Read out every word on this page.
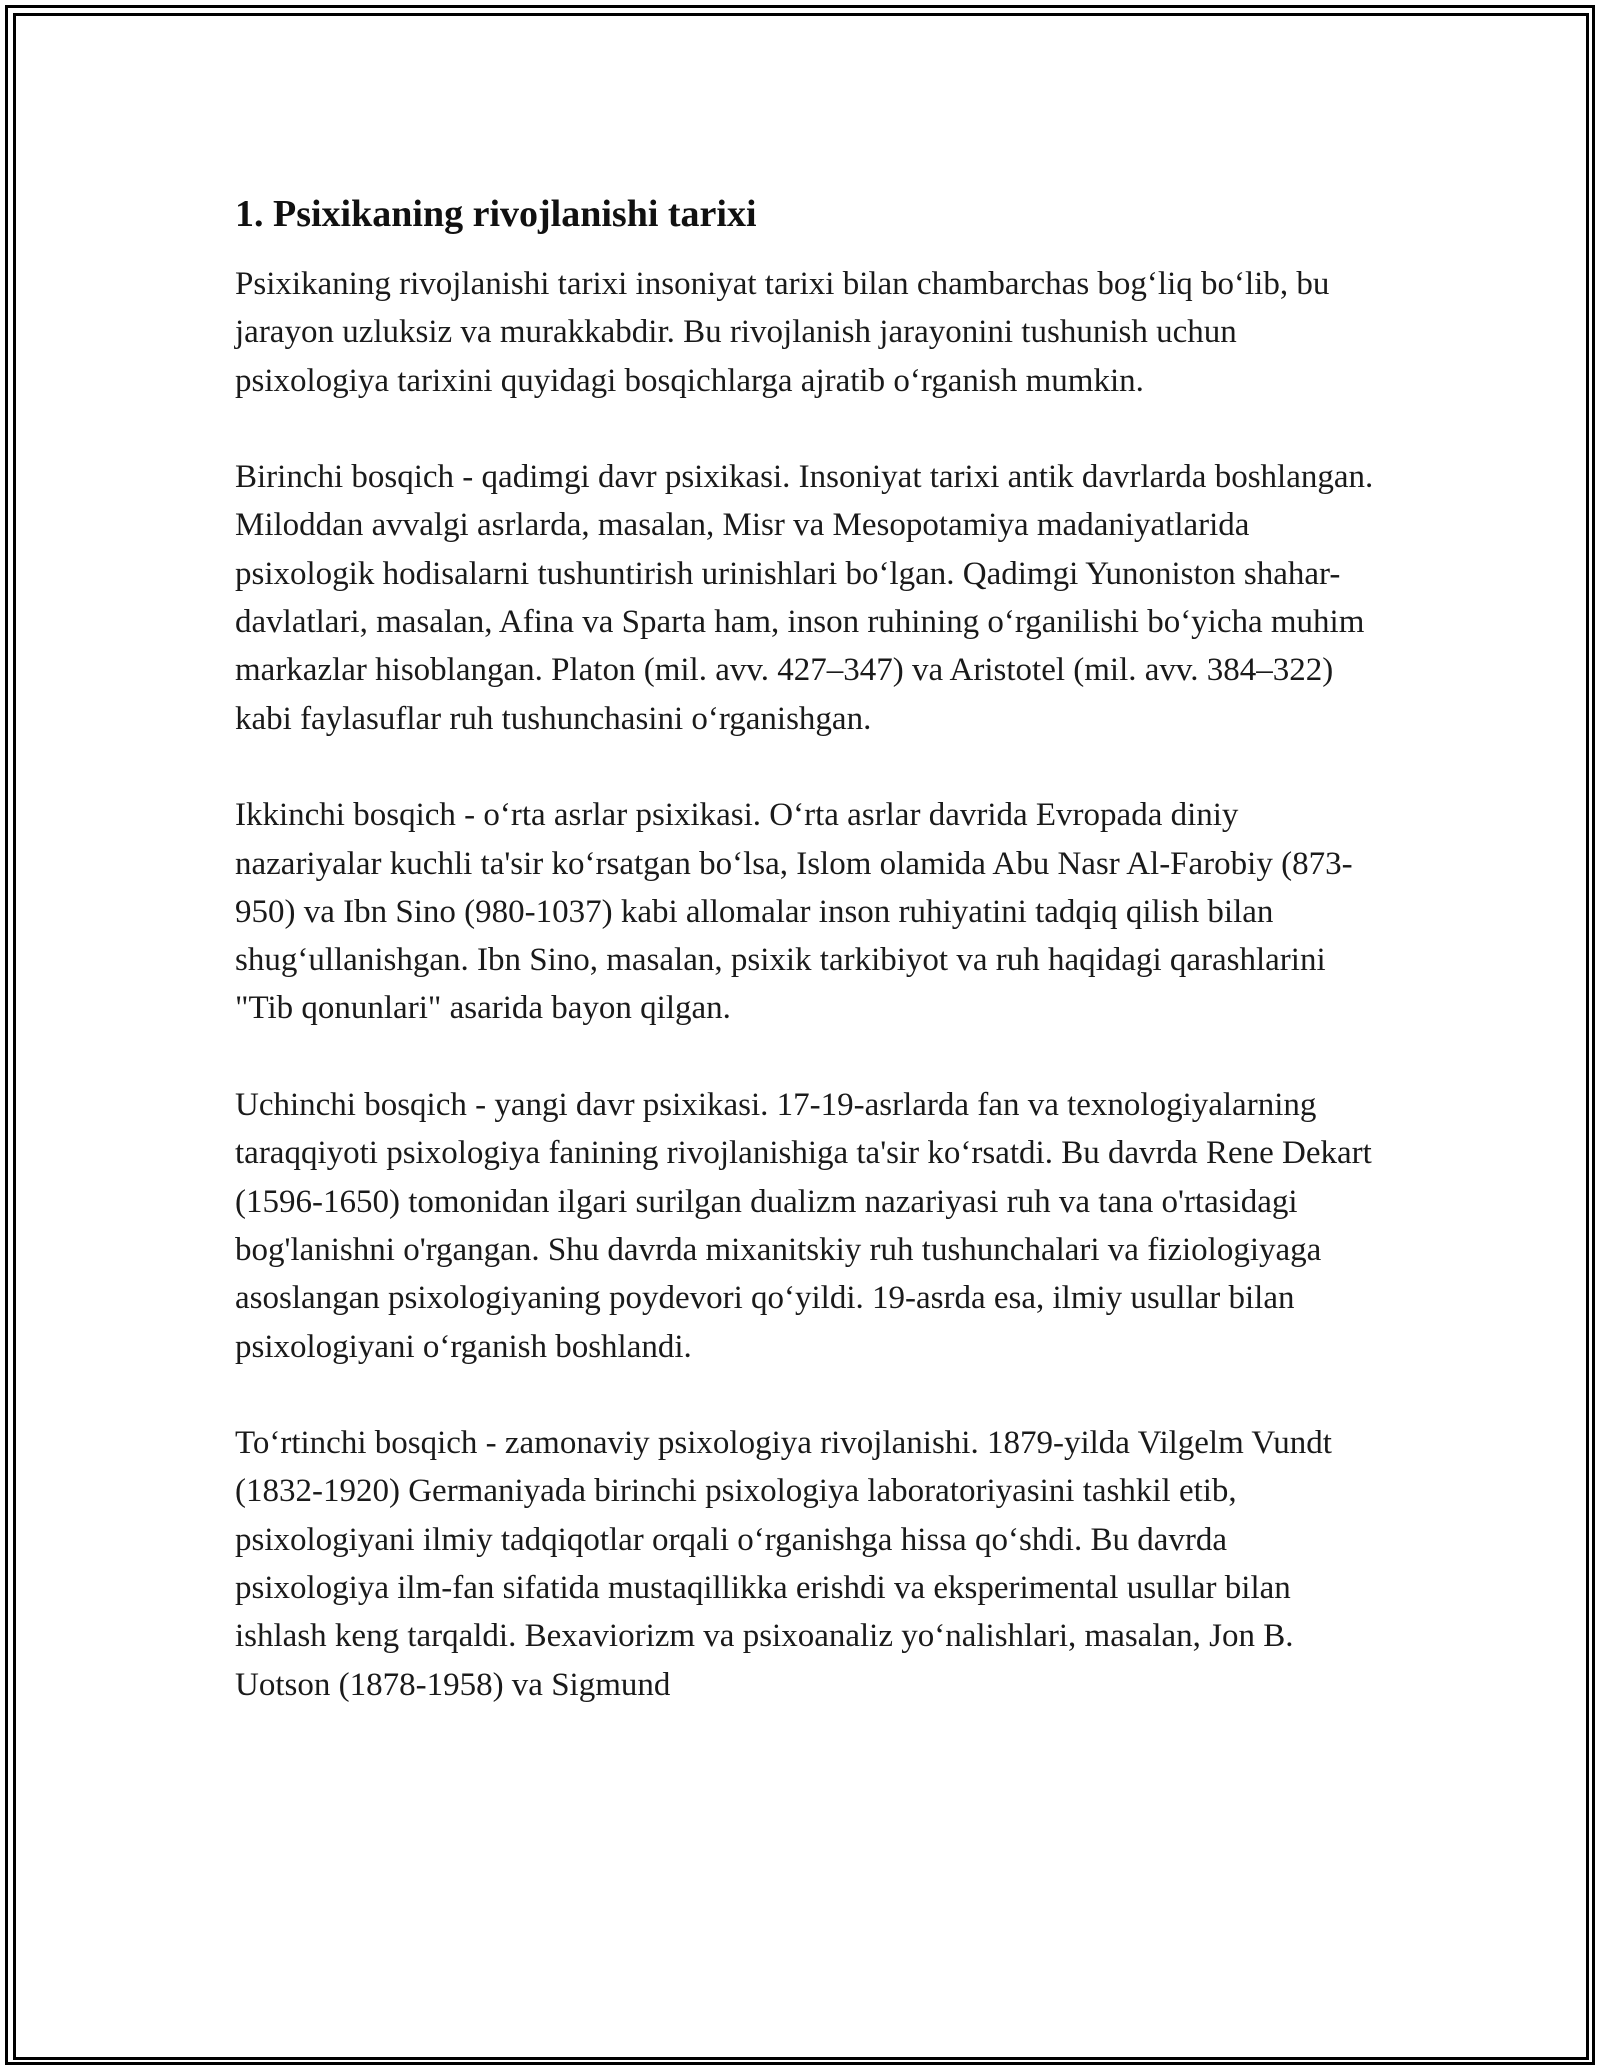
1. Psixikaning rivojlanishi tarixi

Psixikaning rivojlanishi tarixi insoniyat tarixi bilan chambarchas bog‘liq bo‘lib, bu jarayon uzluksiz va murakkabdir. Bu rivojlanish jarayonini tushunish uchun psixologiya tarixini quyidagi bosqichlarga ajratib o‘rganish mumkin.

Birinchi bosqich - qadimgi davr psixikasi. Insoniyat tarixi antik davrlarda boshlangan. Miloddan avvalgi asrlarda, masalan, Misr va Mesopotamiya madaniyatlarida psixologik hodisalarni tushuntirish urinishlari bo‘lgan. Qadimgi Yunoniston shahar-davlatlari, masalan, Afina va Sparta ham, inson ruhining o‘rganilishi bo‘yicha muhim markazlar hisoblangan. Platon (mil. avv. 427–347) va Aristotel (mil. avv. 384–322) kabi faylasuflar ruh tushunchasini o‘rganishgan.

Ikkinchi bosqich - o‘rta asrlar psixikasi. O‘rta asrlar davrida Evropada diniy nazariyalar kuchli ta'sir ko‘rsatgan bo‘lsa, Islom olamida Abu Nasr Al-Farobiy (873-950) va Ibn Sino (980-1037) kabi allomalar inson ruhiyatini tadqiq qilish bilan shug‘ullanishgan. Ibn Sino, masalan, psixik tarkibiyot va ruh haqidagi qarashlarini "Tib qonunlari" asarida bayon qilgan.

Uchinchi bosqich - yangi davr psixikasi. 17-19-asrlarda fan va texnologiyalarning taraqqiyoti psixologiya fanining rivojlanishiga ta'sir ko‘rsatdi. Bu davrda Rene Dekart (1596-1650) tomonidan ilgari surilgan dualizm nazariyasi ruh va tana o'rtasidagi bog'lanishni o'rgangan. Shu davrda mixanitskiy ruh tushunchalari va fiziologiyaga asoslangan psixologiyaning poydevori qo‘yildi. 19-asrda esa, ilmiy usullar bilan psixologiyani o‘rganish boshlandi.

To‘rtinchi bosqich - zamonaviy psixologiya rivojlanishi. 1879-yilda Vilgelm Vundt (1832-1920) Germaniyada birinchi psixologiya laboratoriyasini tashkil etib, psixologiyani ilmiy tadqiqotlar orqali o‘rganishga hissa qo‘shdi. Bu davrda psixologiya ilm-fan sifatida mustaqillikka erishdi va eksperimental usullar bilan ishlash keng tarqaldi. Bexaviorizm va psixoanaliz yo‘nalishlari, masalan, Jon B. Uotson (1878-1958) va Sigmund
